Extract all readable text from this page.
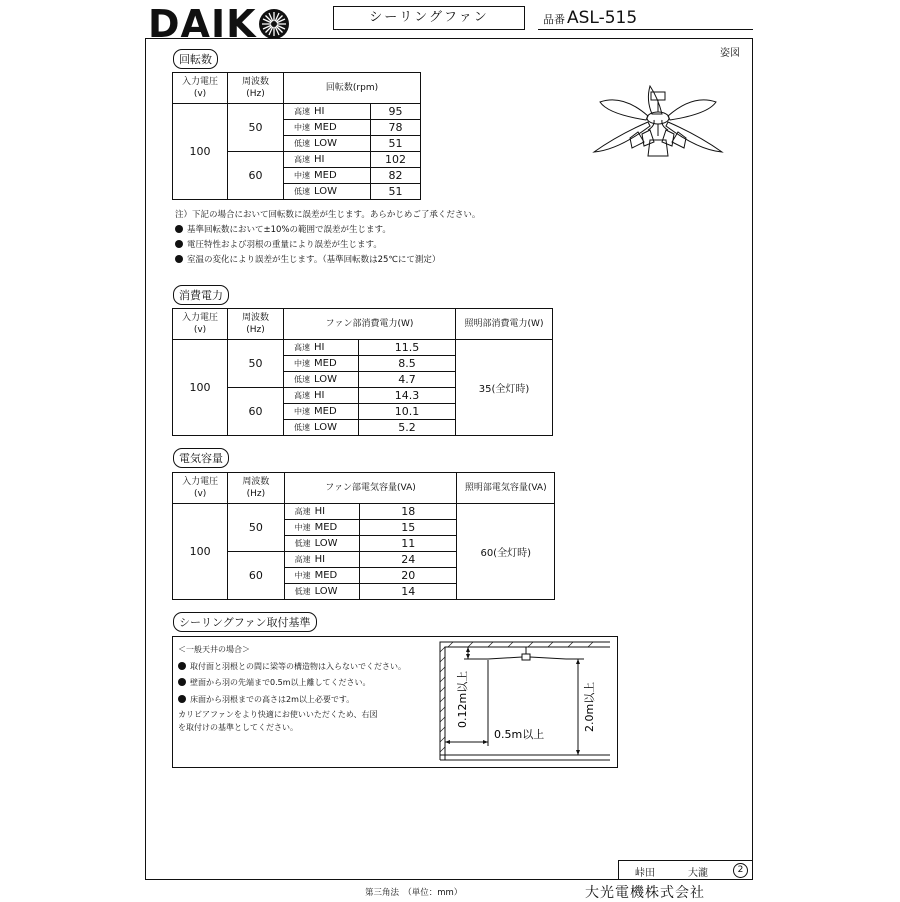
DAIK	シーリングファン	品番 ASL-515
姿図
回転数
入力電圧
(v)	周波数
(Hz)	回転数(rpm)	
100	50	高速 HI	95
		中速 MED	78
		低速 LOW	51
	60	高速 HI	102
		中速 MED	82
		低速 LOW	51
注）下記の場合において回転数に誤差が生じます。あらかじめご了承ください。
基準回転数において±10%の範囲で誤差が生じます。
電圧特性および羽根の重量により誤差が生じます。
室温の変化により誤差が生じます。（基準回転数は25℃にて測定）
消費電力
入力電圧
(v)	周波数
(Hz)	ファン部消費電力(W)		照明部消費電力(W)
100	50	高速 HI	11.5	35(全灯時)
		中速 MED	8.5	
		低速 LOW	4.7	
	60	高速 HI	14.3	
		中速 MED	10.1	
		低速 LOW	5.2	
電気容量
入力電圧
(v)	周波数
(Hz)	ファン部電気容量(VA)		照明部電気容量(VA)
100	50	高速 HI	18	60(全灯時)
		中速 MED	15	
		低速 LOW	11	
	60	高速 HI	24	
		中速 MED	20	
		低速 LOW	14	
シーリングファン取付基準
＜一般天井の場合＞
取付面と羽根との間に梁等の構造物は入らないでください。
壁面から羽の先端まで0.5m以上離してください。
床面から羽根までの高さは2m以上必要です。
カリビアファンをより快適にお使いいただくため、右図
を取付けの基準としてください。	0.12m以上
0.5m以上
2.0m以上
峠田	大瀧	2
第三角法　（単位：mm）	大光電機株式会社
